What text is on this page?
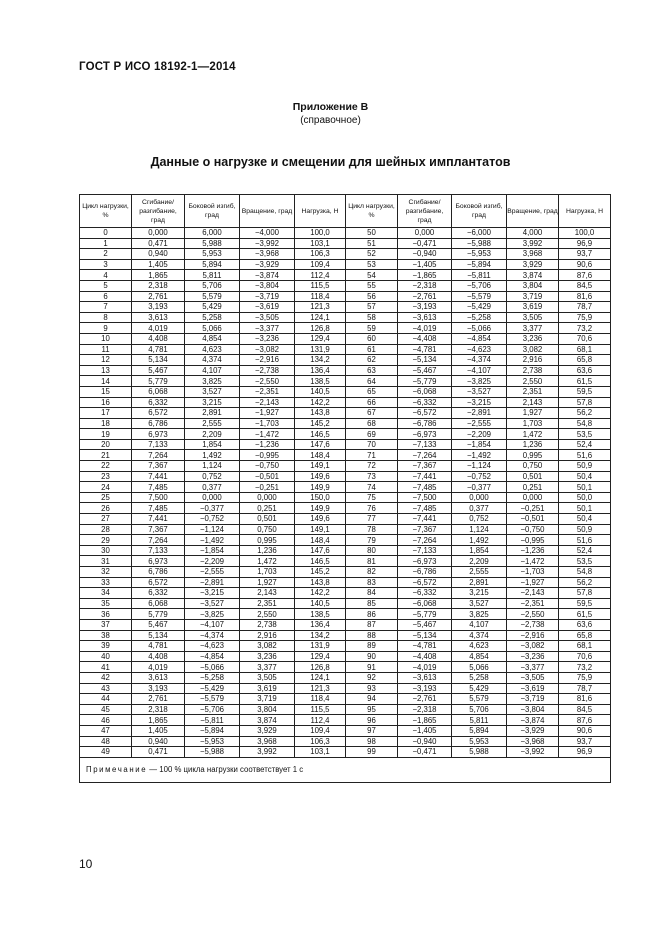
ГОСТ Р ИСО 18192-1—2014
Приложение В
(справочное)
Данные о нагрузке и смещении для шейных имплантатов
Цикл нагрузки, %	Сгибание/ разгибание, град	Боковой изгиб, град	Вращение, град	Нагрузка, Н	Цикл нагрузки, %	Сгибание/ разгибание, град	Боковой изгиб, град	Вращение, град	Нагрузка, Н
0	0,000	6,000	−4,000	100,0	50	0,000	−6,000	4,000	100,0
1	0,471	5,988	−3,992	103,1	51	−0,471	−5,988	3,992	96,9
2	0,940	5,953	−3,968	106,3	52	−0,940	−5,953	3,968	93,7
3	1,405	5,894	−3,929	109,4	53	−1,405	−5,894	3,929	90,6
4	1,865	5,811	−3,874	112,4	54	−1,865	−5,811	3,874	87,6
5	2,318	5,706	−3,804	115,5	55	−2,318	−5,706	3,804	84,5
6	2,761	5,579	−3,719	118,4	56	−2,761	−5,579	3,719	81,6
7	3,193	5,429	−3,619	121,3	57	−3,193	−5,429	3,619	78,7
8	3,613	5,258	−3,505	124,1	58	−3,613	−5,258	3,505	75,9
9	4,019	5,066	−3,377	126,8	59	−4,019	−5,066	3,377	73,2
10	4,408	4,854	−3,236	129,4	60	−4,408	−4,854	3,236	70,6
11	4,781	4,623	−3,082	131,9	61	−4,781	−4,623	3,082	68,1
12	5,134	4,374	−2,916	134,2	62	−5,134	−4,374	2,916	65,8
13	5,467	4,107	−2,738	136,4	63	−5,467	−4,107	2,738	63,6
14	5,779	3,825	−2,550	138,5	64	−5,779	−3,825	2,550	61,5
15	6,068	3,527	−2,351	140,5	65	−6,068	−3,527	2,351	59,5
16	6,332	3,215	−2,143	142,2	66	−6,332	−3,215	2,143	57,8
17	6,572	2,891	−1,927	143,8	67	−6,572	−2,891	1,927	56,2
18	6,786	2,555	−1,703	145,2	68	−6,786	−2,555	1,703	54,8
19	6,973	2,209	−1,472	146,5	69	−6,973	−2,209	1,472	53,5
20	7,133	1,854	−1,236	147,6	70	−7,133	−1,854	1,236	52,4
21	7,264	1,492	−0,995	148,4	71	−7,264	−1,492	0,995	51,6
22	7,367	1,124	−0,750	149,1	72	−7,367	−1,124	0,750	50,9
23	7,441	0,752	−0,501	149,6	73	−7,441	−0,752	0,501	50,4
24	7,485	0,377	−0,251	149,9	74	−7,485	−0,377	0,251	50,1
25	7,500	0,000	0,000	150,0	75	−7,500	0,000	0,000	50,0
26	7,485	−0,377	0,251	149,9	76	−7,485	0,377	−0,251	50,1
27	7,441	−0,752	0,501	149,6	77	−7,441	0,752	−0,501	50,4
28	7,367	−1,124	0,750	149,1	78	−7,367	1,124	−0,750	50,9
29	7,264	−1,492	0,995	148,4	79	−7,264	1,492	−0,995	51,6
30	7,133	−1,854	1,236	147,6	80	−7,133	1,854	−1,236	52,4
31	6,973	−2,209	1,472	146,5	81	−6,973	2,209	−1,472	53,5
32	6,786	−2,555	1,703	145,2	82	−6,786	2,555	−1,703	54,8
33	6,572	−2,891	1,927	143,8	83	−6,572	2,891	−1,927	56,2
34	6,332	−3,215	2,143	142,2	84	−6,332	3,215	−2,143	57,8
35	6,068	−3,527	2,351	140,5	85	−6,068	3,527	−2,351	59,5
36	5,779	−3,825	2,550	138,5	86	−5,779	3,825	−2,550	61,5
37	5,467	−4,107	2,738	136,4	87	−5,467	4,107	−2,738	63,6
38	5,134	−4,374	2,916	134,2	88	−5,134	4,374	−2,916	65,8
39	4,781	−4,623	3,082	131,9	89	−4,781	4,623	−3,082	68,1
40	4,408	−4,854	3,236	129,4	90	−4,408	4,854	−3,236	70,6
41	4,019	−5,066	3,377	126,8	91	−4,019	5,066	−3,377	73,2
42	3,613	−5,258	3,505	124,1	92	−3,613	5,258	−3,505	75,9
43	3,193	−5,429	3,619	121,3	93	−3,193	5,429	−3,619	78,7
44	2,761	−5,579	3,719	118,4	94	−2,761	5,579	−3,719	81,6
45	2,318	−5,706	3,804	115,5	95	−2,318	5,706	−3,804	84,5
46	1,865	−5,811	3,874	112,4	96	−1,865	5,811	−3,874	87,6
47	1,405	−5,894	3,929	109,4	97	−1,405	5,894	−3,929	90,6
48	0,940	−5,953	3,968	106,3	98	−0,940	5,953	−3,968	93,7
49	0,471	−5,988	3,992	103,1	99	−0,471	5,988	−3,992	96,9
Примечание — 100 % цикла нагрузки соответствует 1 с									
10
